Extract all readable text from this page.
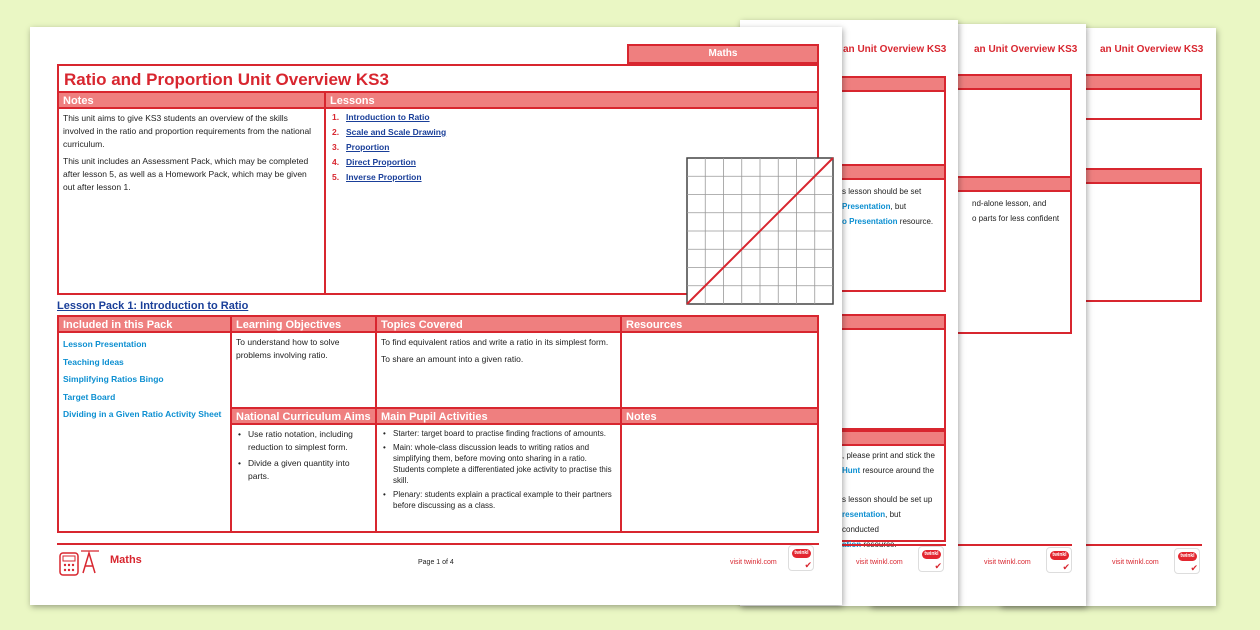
an Unit Overview KS3
visit twinkl.com
twinkl
✔
an Unit Overview KS3
nd-alone lesson, and
o parts for less confident
visit twinkl.com
twinkl
✔
an Unit Overview KS3
s lesson should be set
Presentation, but
o Presentation resource.
, please print and stick the
Hunt resource around the
s lesson should be set up
resentation, but conducted
visit twinkl.com
twinkl
✔
Maths
Ratio and Proportion Unit Overview KS3
Notes

This unit aims to give KS3 students an overview of the skills involved in the ratio and proportion requirements from the national curriculum.

This unit includes an Assessment Pack, which may be completed after lesson 5, as well as a Homework Pack, which may be given out after lesson 1.

Lessons
1. Introduction to Ratio
2. Scale and Scale Drawing
3. Proportion
4. Direct Proportion
5. Inverse Proportion
Lesson Pack 1: Introduction to Ratio
Included in this Pack
Lesson Presentation
Teaching Ideas
Simplifying Ratios Bingo
Target Board
Dividing in a Given Ratio Activity Sheet
Learning Objectives
To understand how to solve problems involving ratio.
Topics Covered

To find equivalent ratios and write a ratio in its simplest form.

To share an amount into a given ratio.

Resources
National Curriculum Aims
• Use ratio notation, including reduction to simplest form.
• Divide a given quantity into parts.
Main Pupil Activities
• Starter: target board to practise finding fractions of amounts.
• Main: whole-class discussion leads to writing ratios and simplifying them, before moving onto sharing in a ratio. Students complete a differentiated joke activity to practise this skill.
• Plenary: students explain a practical example to their partners before discussing as a class.
Notes
Maths	Page 1 of 4	visit twinkl.com
twinkl
✔
